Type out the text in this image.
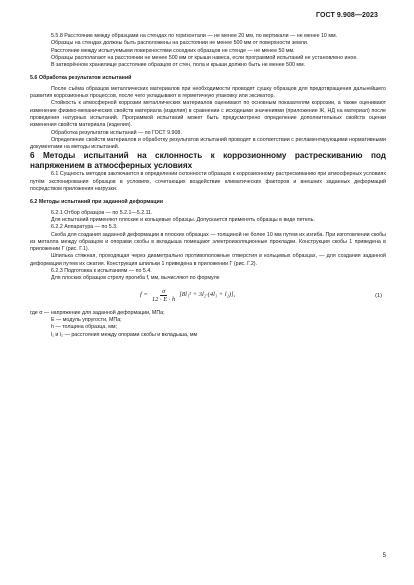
ГОСТ 9.908—2023

5.5.8 Расстояние между образцами на стендах по горизонтали — не менее 20 мм, по вертикали — не менее 10 мм.

Образцы на стендах должны быть расположены на расстоянии не менее 500 мм от поверхности земли.

Расстояние между испытуемыми поверхностями соседних образцов не стенде — не менее 50 мм.

Образцы располагают на расстоянии не менее 500 мм от крыши навеса, если программой испытаний не установлено иное.

В затворённом хранилище расстояние образцов от стен, пола и крыши должно быть не менее 500 мм.

5.6 Обработка результатов испытаний

После съёма образцов металлических материалов при необходимости проводят сушку образцов для предотвращения дальнейшего развития коррозионных процессов, после чего укладывают в герметичную упаковку или эксикатор.

Стойкость к атмосферной коррозии металлических материалов оценивают по основным показателям коррозии, а также оценивают изменение физико-механических свойств материала (изделия) в сравнении с исходными значениями (приложение Ж, НД на материал) после проведения натурных испытаний. Программой испытаний может быть предусмотрено определение дополнительных свойств оценки изменения свойств материала (изделия).

Обработка результатов испытаний — по ГОСТ 9.908.

Определение свойств материалов и обработку результатов испытаний проводят в соответствии с регламентирующими нормативными документами на методы испытаний.

6 Методы испытаний на склонность к коррозионному растрескиванию под напряжением в атмосферных условиях

6.1 Сущность методов заключается в определении склонности образцов к коррозионному растрескиванию при атмосферных условиях путём экспонирования образцов в условиях, сочетающих воздействие климатических факторов и внешних заданных деформаций посредством приложения нагрузки.

6.2 Методы испытаний при заданной деформации

6.2.1 Отбор образцов — по 5.2.1—5.2.11.

Для испытаний применяют плоские и кольцевые образцы. Допускается применять образцы в виде петель.

6.2.2 Аппаратура — по 5.3.

Скоба для создания заданной деформации в плоских образцах — толщиной не более 10 мм путем их изгиба. При изготовлении скобы из металла между образцом и опорами скобы в вкладыша помещают электроизоляционные прокладки. Конструкция скобы 1 приведена в приложении Г (рис. Г.1).

Шпилька стяжная, проходящая через диаметрально противоположные отверстия в кольцевых образцах, — для создания заданной деформации путем их сжатия. Конструкция шпильки 1 приведена в приложении Г (рис. Г.2).

6.2.3 Подготовка к испытаниям — по 5.4.

Для плоских образцов стрелу прогиба f, мм, вычисляют по формуле

$f = \frac{\sigma}{12 \cdot E \cdot h} [8l_1^2 + 3l_2\cdot(4l_1 + l_2)]$,	(1)

где σ — напряжение для заданной деформации, МПа;

E — модуль упругости, МПа;

h — толщина образца, мм;

l₁ и l₂ — расстояния между опорами скобы и вкладыша, мм

5
